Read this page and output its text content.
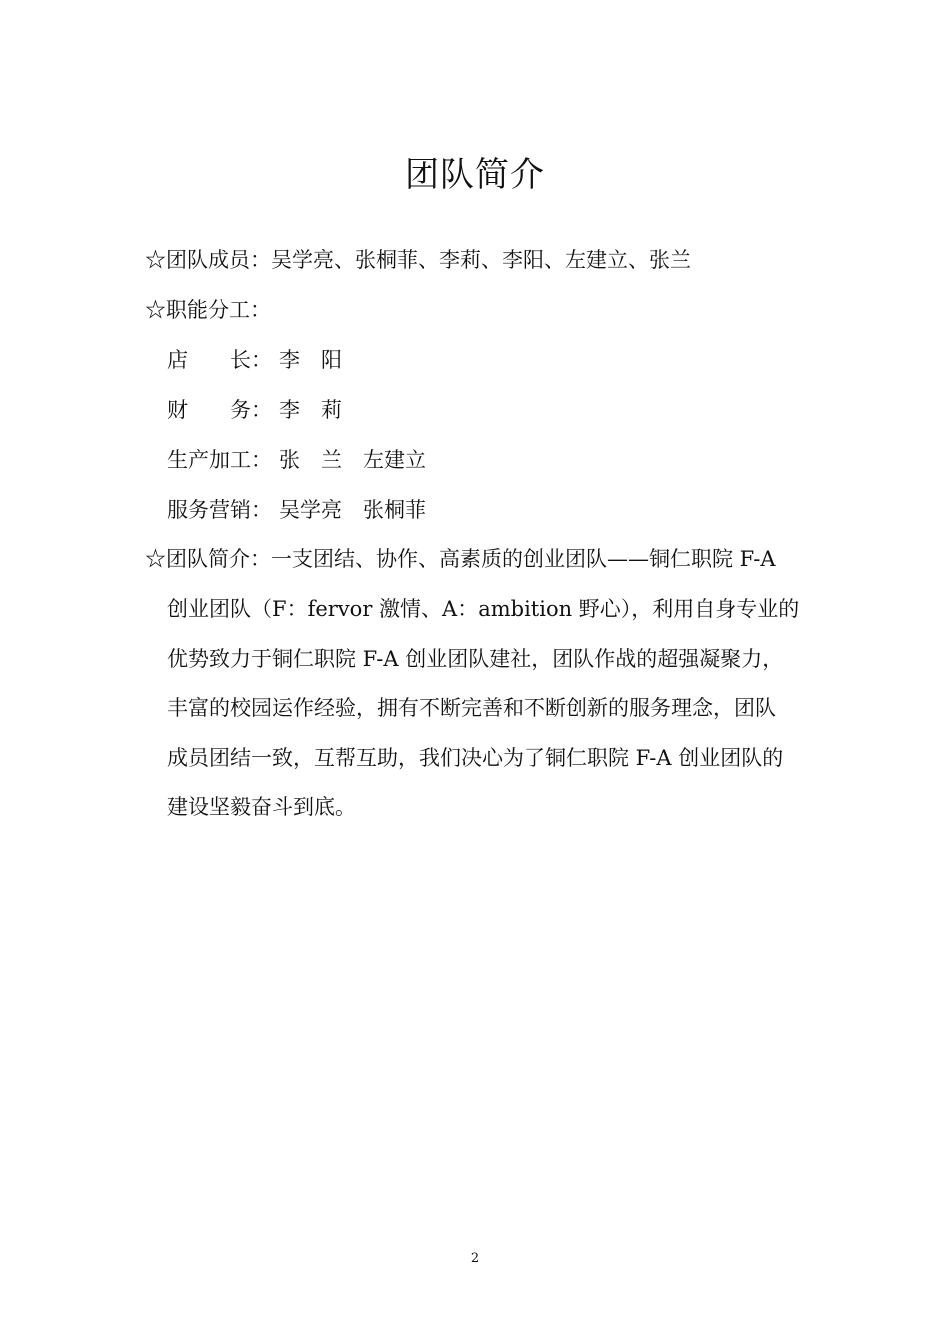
团队简介
☆团队成员：吴学亮、张桐菲、李莉、李阳、左建立、张兰
☆职能分工：
店　　长： 李　阳
财　　务： 李　莉
生产加工： 张　兰　左建立
服务营销： 吴学亮　张桐菲
☆团队简介：一支团结、协作、高素质的创业团队——铜仁职院 F-A
创业团队（F：fervor 激情、A：ambition 野心），利用自身专业的
优势致力于铜仁职院 F-A 创业团队建社，团队作战的超强凝聚力，
丰富的校园运作经验，拥有不断完善和不断创新的服务理念，团队
成员团结一致，互帮互助，我们决心为了铜仁职院 F-A 创业团队的
建设坚毅奋斗到底。
2
